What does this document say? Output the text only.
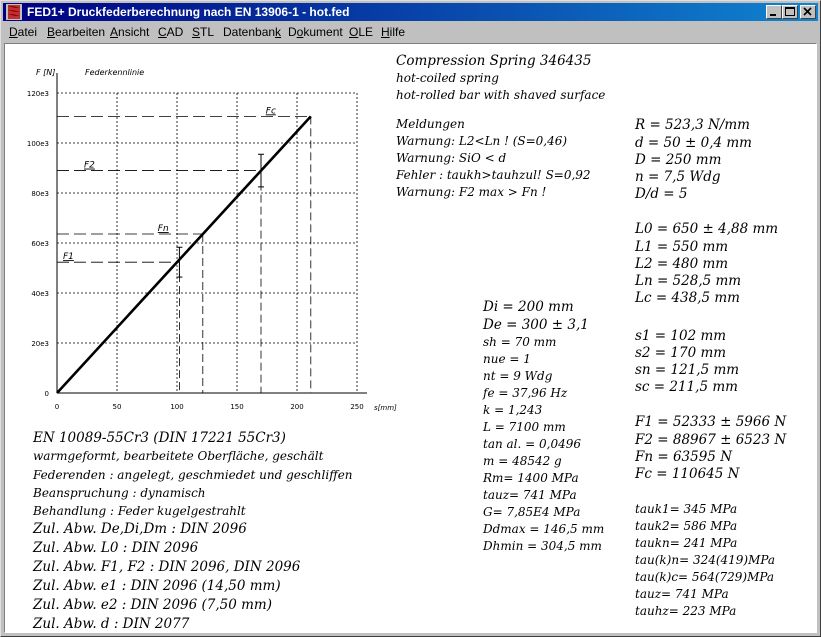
FED1+ Druckfederberechnung nach EN 13906-1 - hot.fed
Datei Bearbeiten Ansicht CAD STL Datenbank Dokument OLE Hilfe
F [N]	Federkennlinie
s[mm]
0	50	100	150	200	250
0
20e3
40e3
60e3
80e3
100e3
120e3
F1
Fn
F2
Fc
Compression Spring 346435
hot-coiled spring
hot-rolled bar with shaved surface
Meldungen
Warnung: L2<Ln ! (S=0,46)
Warnung: SiO < d
Fehler : taukh>tauhzul! S=0,92
Warnung: F2 max > Fn !
R = 523,3 N/mm
d = 50 ± 0,4 mm
D = 250 mm
n = 7,5 Wdg
D/d = 5
L0 = 650 ± 4,88 mm
L1 = 550 mm
L2 = 480 mm
Ln = 528,5 mm
Lc = 438,5 mm
s1 = 102 mm
s2 = 170 mm
sn = 121,5 mm
sc = 211,5 mm
F1 = 52333 ± 5966 N
F2 = 88967 ± 6523 N
Fn = 63595 N
Fc = 110645 N
tauk1= 345 MPa
tauk2= 586 MPa
taukn= 241 MPa
tau(k)n= 324(419)MPa
tau(k)c= 564(729)MPa
tauz= 741 MPa
tauhz= 223 MPa
Di = 200 mm
De = 300 ± 3,1
sh = 70 mm
nue = 1
nt = 9 Wdg
fe = 37,96 Hz
k = 1,243
L = 7100 mm
tan al. = 0,0496
m = 48542 g
Rm= 1400 MPa
tauz= 741 MPa
G= 7,85E4 MPa
Ddmax = 146,5 mm
Dhmin = 304,5 mm
EN 10089-55Cr3 (DIN 17221 55Cr3)
warmgeformt, bearbeitete Oberfläche, geschält
Federenden : angelegt, geschmiedet und geschliffen
Beanspruchung : dynamisch
Behandlung : Feder kugelgestrahlt
Zul. Abw. De,Di,Dm : DIN 2096
Zul. Abw. L0 : DIN 2096
Zul. Abw. F1, F2 : DIN 2096, DIN 2096
Zul. Abw. e1 : DIN 2096 (14,50 mm)
Zul. Abw. e2 : DIN 2096 (7,50 mm)
Zul. Abw. d : DIN 2077
